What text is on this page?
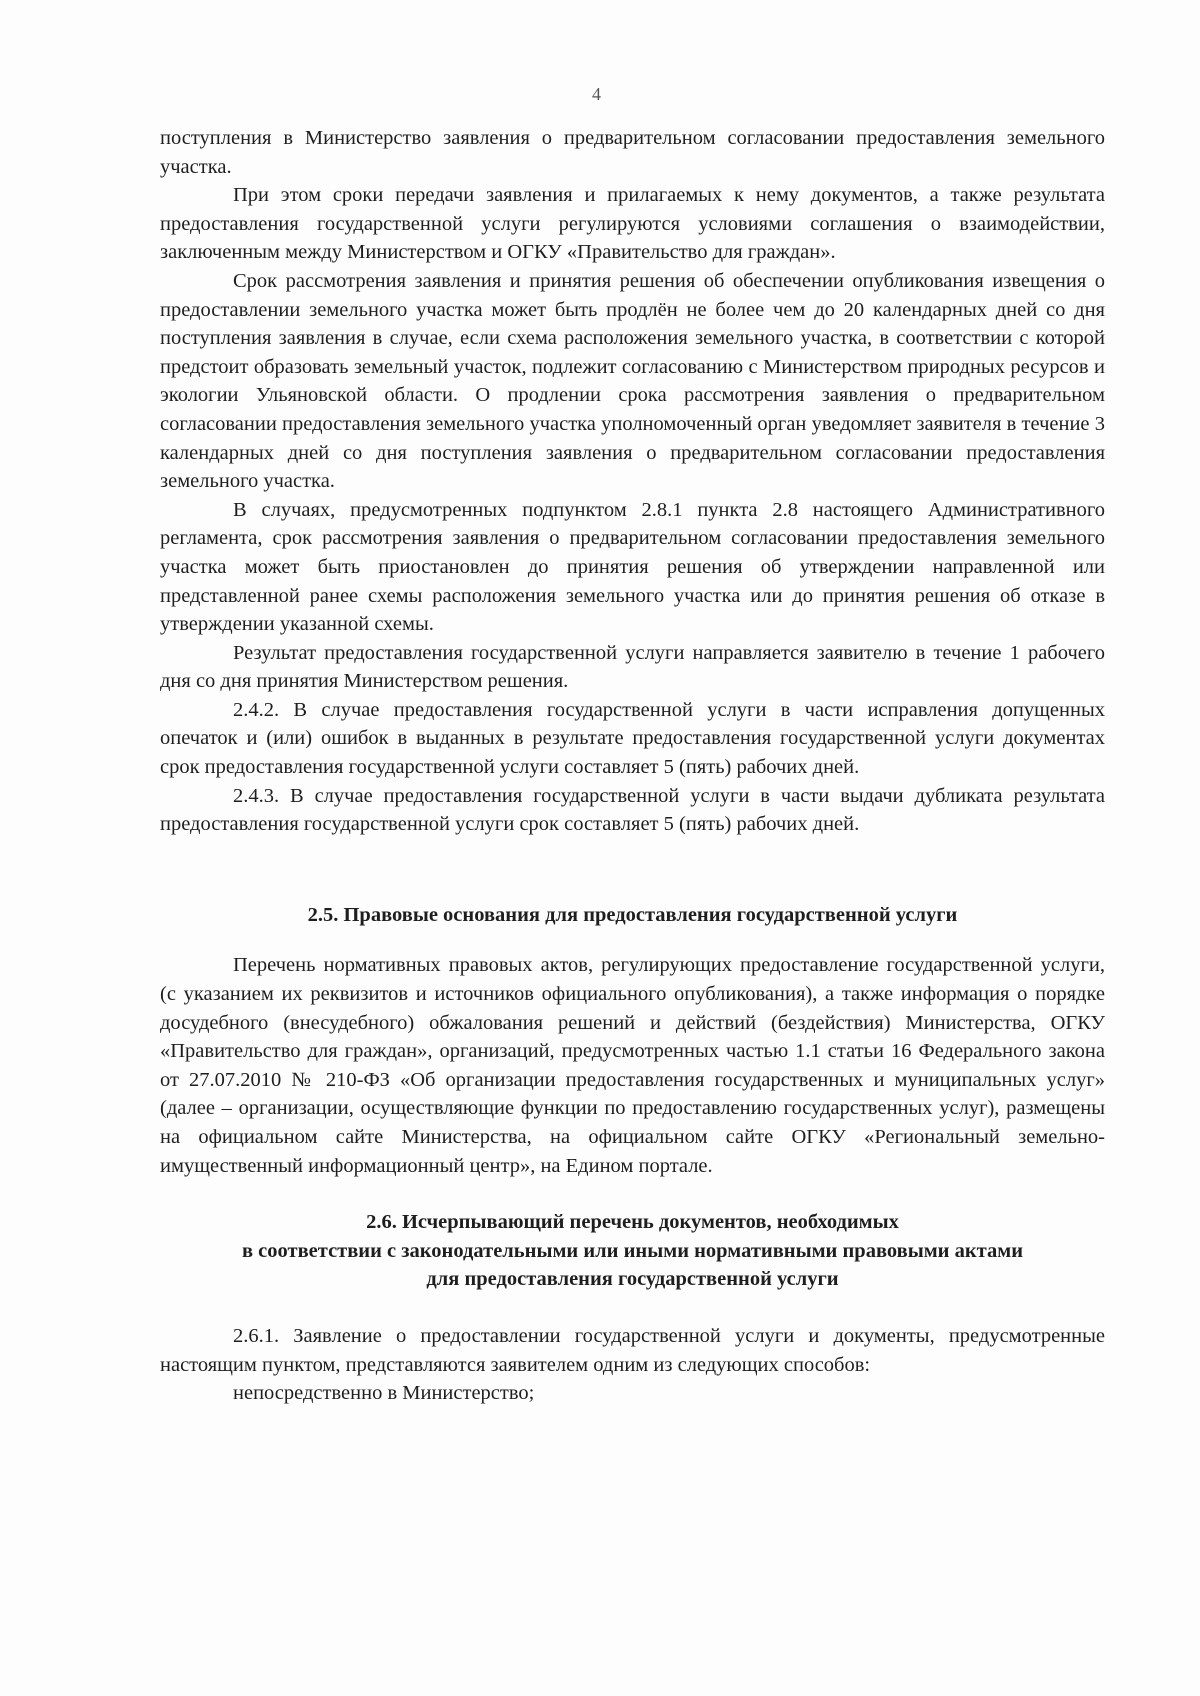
4

поступления в Министерство заявления о предварительном согласовании предоставления земельного участка.

При этом сроки передачи заявления и прилагаемых к нему документов, а также результата предоставления государственной услуги регулируются условиями соглашения о взаимодействии, заключенным между Министерством и ОГКУ «Правительство для граждан».

Срок рассмотрения заявления и принятия решения об обеспечении опубликования извещения о предоставлении земельного участка может быть продлён не более чем до 20 календарных дней со дня поступления заявления в случае, если схема расположения земельного участка, в соответствии с которой предстоит образовать земельный участок, подлежит согласованию с Министерством природных ресурсов и экологии Ульяновской области. О продлении срока рассмотрения заявления о предварительном согласовании предоставления земельного участка уполномоченный орган уведомляет заявителя в течение 3 календарных дней со дня поступления заявления о предварительном согласовании предоставления земельного участка.

В случаях, предусмотренных подпунктом 2.8.1 пункта 2.8 настоящего Административного регламента, срок рассмотрения заявления о предварительном согласовании предоставления земельного участка может быть приостановлен до принятия решения об утверждении направленной или представленной ранее схемы расположения земельного участка или до принятия решения об отказе в утверждении указанной схемы.

Результат предоставления государственной услуги направляется заявителю в течение 1 рабочего дня со дня принятия Министерством решения.

2.4.2. В случае предоставления государственной услуги в части исправления допущенных опечаток и (или) ошибок в выданных в результате предоставления государственной услуги документах срок предоставления государственной услуги составляет 5 (пять) рабочих дней.

2.4.3. В случае предоставления государственной услуги в части выдачи дубликата результата предоставления государственной услуги срок составляет 5 (пять) рабочих дней.

2.5. Правовые основания для предоставления государственной услуги

Перечень нормативных правовых актов, регулирующих предоставление государственной услуги, (с указанием их реквизитов и источников официального опубликования), а также информация о порядке досудебного (внесудебного) обжалования решений и действий (бездействия) Министерства, ОГКУ «Правительство для граждан», организаций, предусмотренных частью 1.1 статьи 16 Федерального закона от 27.07.2010 № 210-ФЗ «Об организации предоставления государственных и муниципальных услуг» (далее – организации, осуществляющие функции по предоставлению государственных услуг), размещены на официальном сайте Министерства, на официальном сайте ОГКУ «Региональный земельно-имущественный информационный центр», на Едином портале.

2.6. Исчерпывающий перечень документов, необходимых

в соответствии с законодательными или иными нормативными правовыми актами

для предоставления государственной услуги

2.6.1. Заявление о предоставлении государственной услуги и документы, предусмотренные настоящим пунктом, представляются заявителем одним из следующих способов:

непосредственно в Министерство;
